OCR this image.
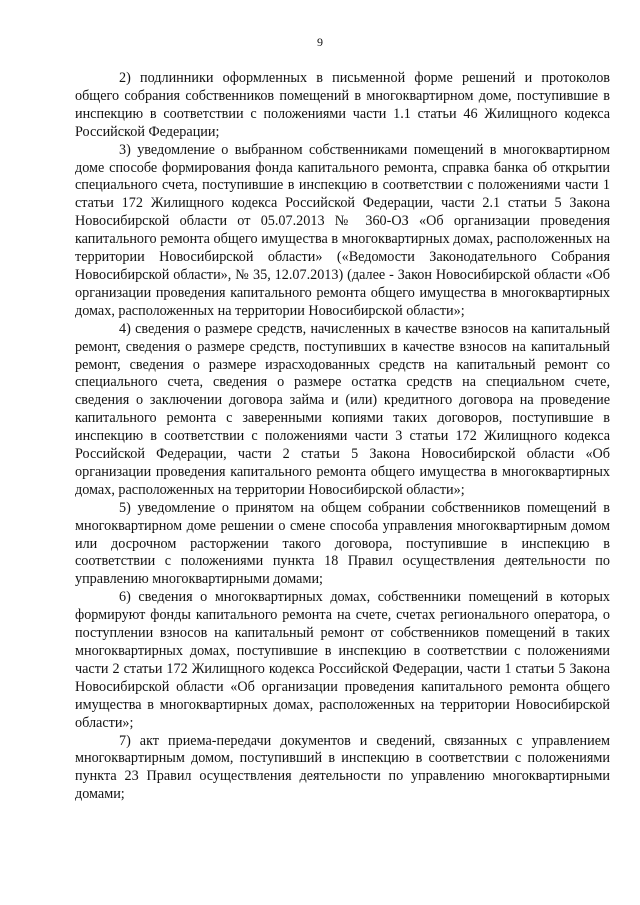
9

2) подлинники оформленных в письменной форме решений и протоколов общего собрания собственников помещений в многоквартирном доме, поступившие в инспекцию в соответствии с положениями части 1.1 статьи 46 Жилищного кодекса Российской Федерации;

3) уведомление о выбранном собственниками помещений в многоквартирном доме способе формирования фонда капитального ремонта, справка банка об открытии специального счета, поступившие в инспекцию в соответствии с положениями части 1 статьи 172 Жилищного кодекса Российской Федерации, части 2.1 статьи 5 Закона Новосибирской области от 05.07.2013 № 360-ОЗ «Об организации проведения капитального ремонта общего имущества в многоквартирных домах, расположенных на территории Новосибирской области» («Ведомости Законодательного Собрания Новосибирской области», № 35, 12.07.2013) (далее - Закон Новосибирской области «Об организации проведения капитального ремонта общего имущества в многоквартирных домах, расположенных на территории Новосибирской области»;

4) сведения о размере средств, начисленных в качестве взносов на капитальный ремонт, сведения о размере средств, поступивших в качестве взносов на капитальный ремонт, сведения о размере израсходованных средств на капитальный ремонт со специального счета, сведения о размере остатка средств на специальном счете, сведения о заключении договора займа и (или) кредитного договора на проведение капитального ремонта с заверенными копиями таких договоров, поступившие в инспекцию в соответствии с положениями части 3 статьи 172 Жилищного кодекса Российской Федерации, части 2 статьи 5 Закона Новосибирской области «Об организации проведения капитального ремонта общего имущества в многоквартирных домах, расположенных на территории Новосибирской области»;

5) уведомление о принятом на общем собрании собственников помещений в многоквартирном доме решении о смене способа управления многоквартирным домом или досрочном расторжении такого договора, поступившие в инспекцию в соответствии с положениями пункта 18 Правил осуществления деятельности по управлению многоквартирными домами;

6) сведения о многоквартирных домах, собственники помещений в которых формируют фонды капитального ремонта на счете, счетах регионального оператора, о поступлении взносов на капитальный ремонт от собственников помещений в таких многоквартирных домах, поступившие в инспекцию в соответствии с положениями части 2 статьи 172 Жилищного кодекса Российской Федерации, части 1 статьи 5 Закона Новосибирской области «Об организации проведения капитального ремонта общего имущества в многоквартирных домах, расположенных на территории Новосибирской области»;

7) акт приема-передачи документов и сведений, связанных с управлением многоквартирным домом, поступивший в инспекцию в соответствии с положениями пункта 23 Правил осуществления деятельности по управлению многоквартирными домами;
